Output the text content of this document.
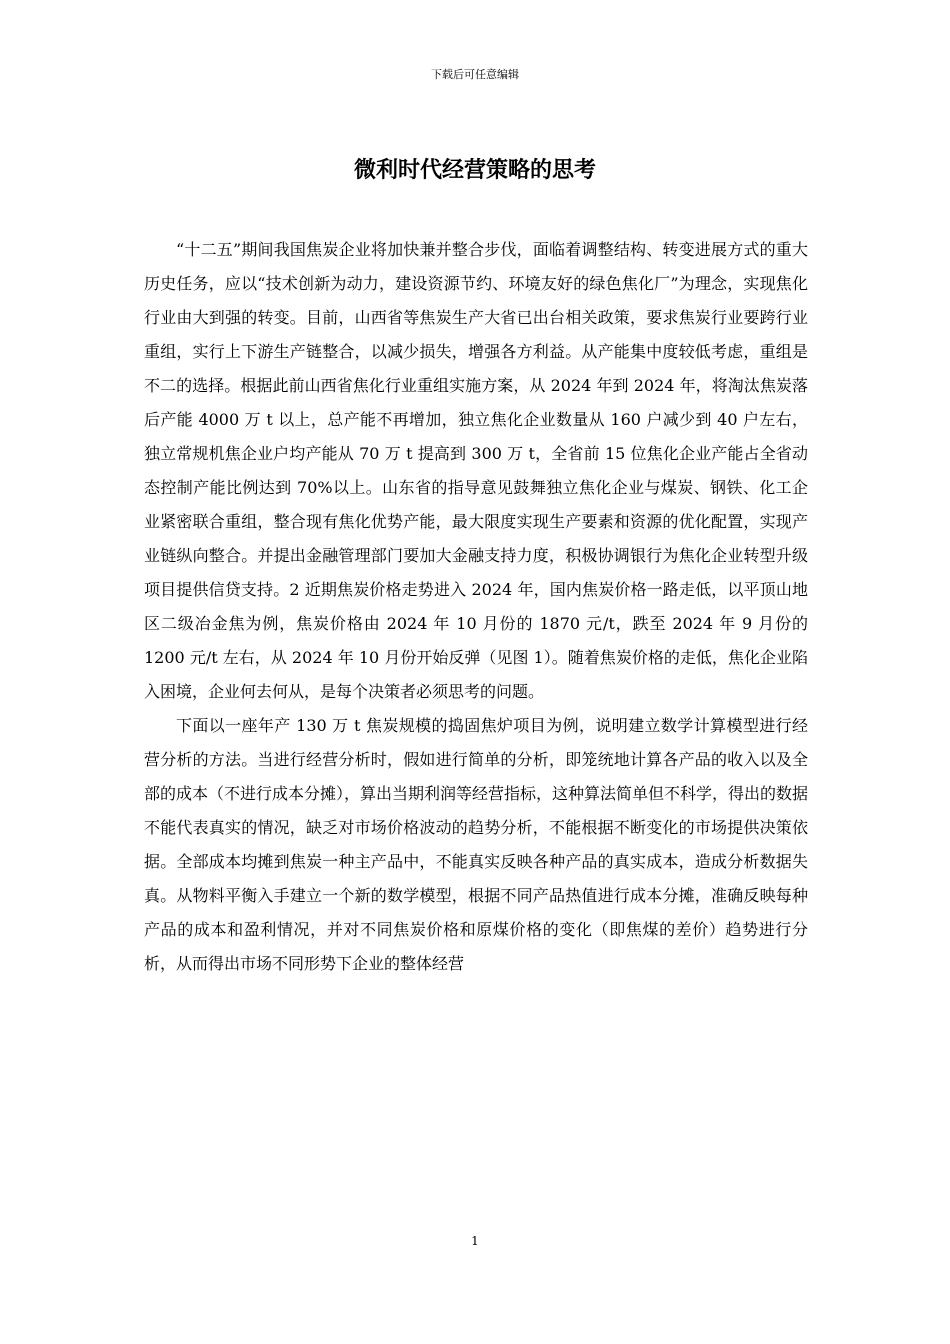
下载后可任意编辑
微利时代经营策略的思考

“十二五”期间我国焦炭企业将加快兼并整合步伐，面临着调整结构、转变进展方式的重大历史任务，应以“技术创新为动力，建设资源节约、环境友好的绿色焦化厂”为理念，实现焦化行业由大到强的转变。目前，山西省等焦炭生产大省已出台相关政策，要求焦炭行业要跨行业重组，实行上下游生产链整合，以减少损失，增强各方利益。从产能集中度较低考虑，重组是不二的选择。根据此前山西省焦化行业重组实施方案，从 2024 年到 2024 年，将淘汰焦炭落后产能 4000 万 t 以上，总产能不再增加，独立焦化企业数量从 160 户减少到 40 户左右，独立常规机焦企业户均产能从 70 万 t 提高到 300 万 t，全省前 15 位焦化企业产能占全省动态控制产能比例达到 70%以上。山东省的指导意见鼓舞独立焦化企业与煤炭、钢铁、化工企业紧密联合重组，整合现有焦化优势产能，最大限度实现生产要素和资源的优化配置，实现产业链纵向整合。并提出金融管理部门要加大金融支持力度，积极协调银行为焦化企业转型升级项目提供信贷支持。2 近期焦炭价格走势进入 2024 年，国内焦炭价格一路走低，以平顶山地区二级冶金焦为例，焦炭价格由 2024 年 10 月份的 1870 元/t，跌至 2024 年 9 月份的 1200 元/t 左右，从 2024 年 10 月份开始反弹（见图 1）。随着焦炭价格的走低，焦化企业陷入困境，企业何去何从，是每个决策者必须思考的问题。

下面以一座年产 130 万 t 焦炭规模的捣固焦炉项目为例，说明建立数学计算模型进行经营分析的方法。当进行经营分析时，假如进行简单的分析，即笼统地计算各产品的收入以及全部的成本（不进行成本分摊），算出当期利润等经营指标，这种算法简单但不科学，得出的数据不能代表真实的情况，缺乏对市场价格波动的趋势分析，不能根据不断变化的市场提供决策依据。全部成本均摊到焦炭一种主产品中，不能真实反映各种产品的真实成本，造成分析数据失真。从物料平衡入手建立一个新的数学模型，根据不同产品热值进行成本分摊，准确反映每种产品的成本和盈利情况，并对不同焦炭价格和原煤价格的变化（即焦煤的差价）趋势进行分析，从而得出市场不同形势下企业的整体经营

1
